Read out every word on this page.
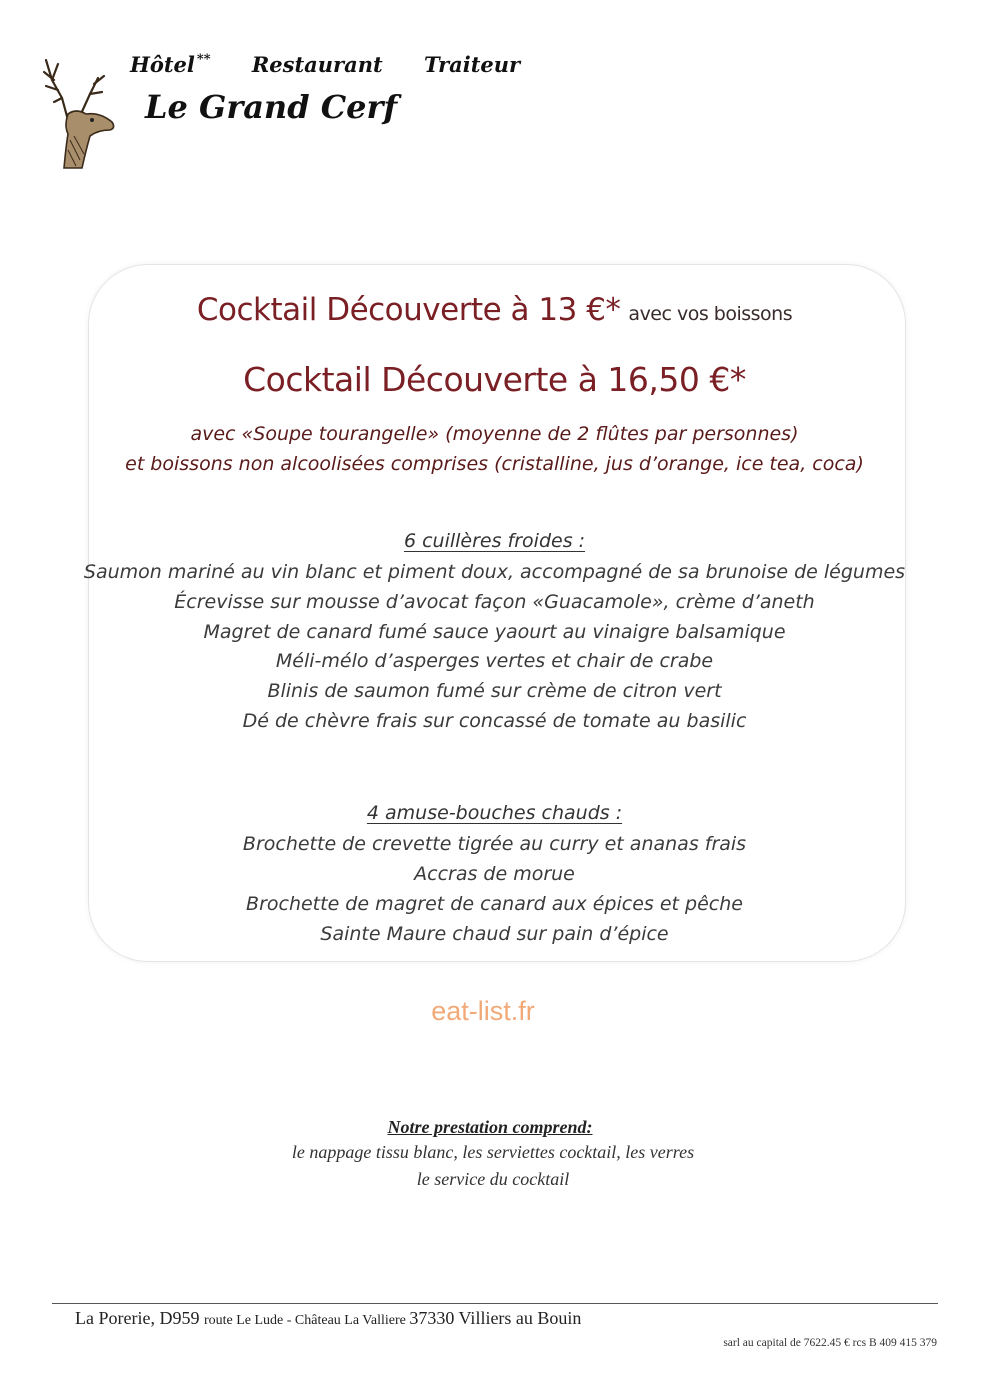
Hôtel ** Restaurant Traiteur
Le Grand Cerf
Cocktail Découverte à 13 €* avec vos boissons
Cocktail Découverte à 16,50 €*
avec «Soupe tourangelle» (moyenne de 2 flûtes par personnes)
et boissons non alcoolisées comprises (cristalline, jus d’orange, ice tea, coca)
6 cuillères froides :
Saumon mariné au vin blanc et piment doux, accompagné de sa brunoise de légumes
Écrevisse sur mousse d’avocat façon «Guacamole», crème d’aneth
Magret de canard fumé sauce yaourt au vinaigre balsamique
Méli-mélo d’asperges vertes et chair de crabe
Blinis de saumon fumé sur crème de citron vert
Dé de chèvre frais sur concassé de tomate au basilic
4 amuse-bouches chauds :
Brochette de crevette tigrée au curry et ananas frais
Accras de morue
Brochette de magret de canard aux épices et pêche
Sainte Maure chaud sur pain d’épice
eat-list.fr
Notre prestation comprend:
le nappage tissu blanc, les serviettes cocktail, les verres
le service du cocktail
La Porerie, D959 route Le Lude - Château La Valliere 37330 Villiers au Bouin
sarl au capital de 7622.45 € rcs B 409 415 379
